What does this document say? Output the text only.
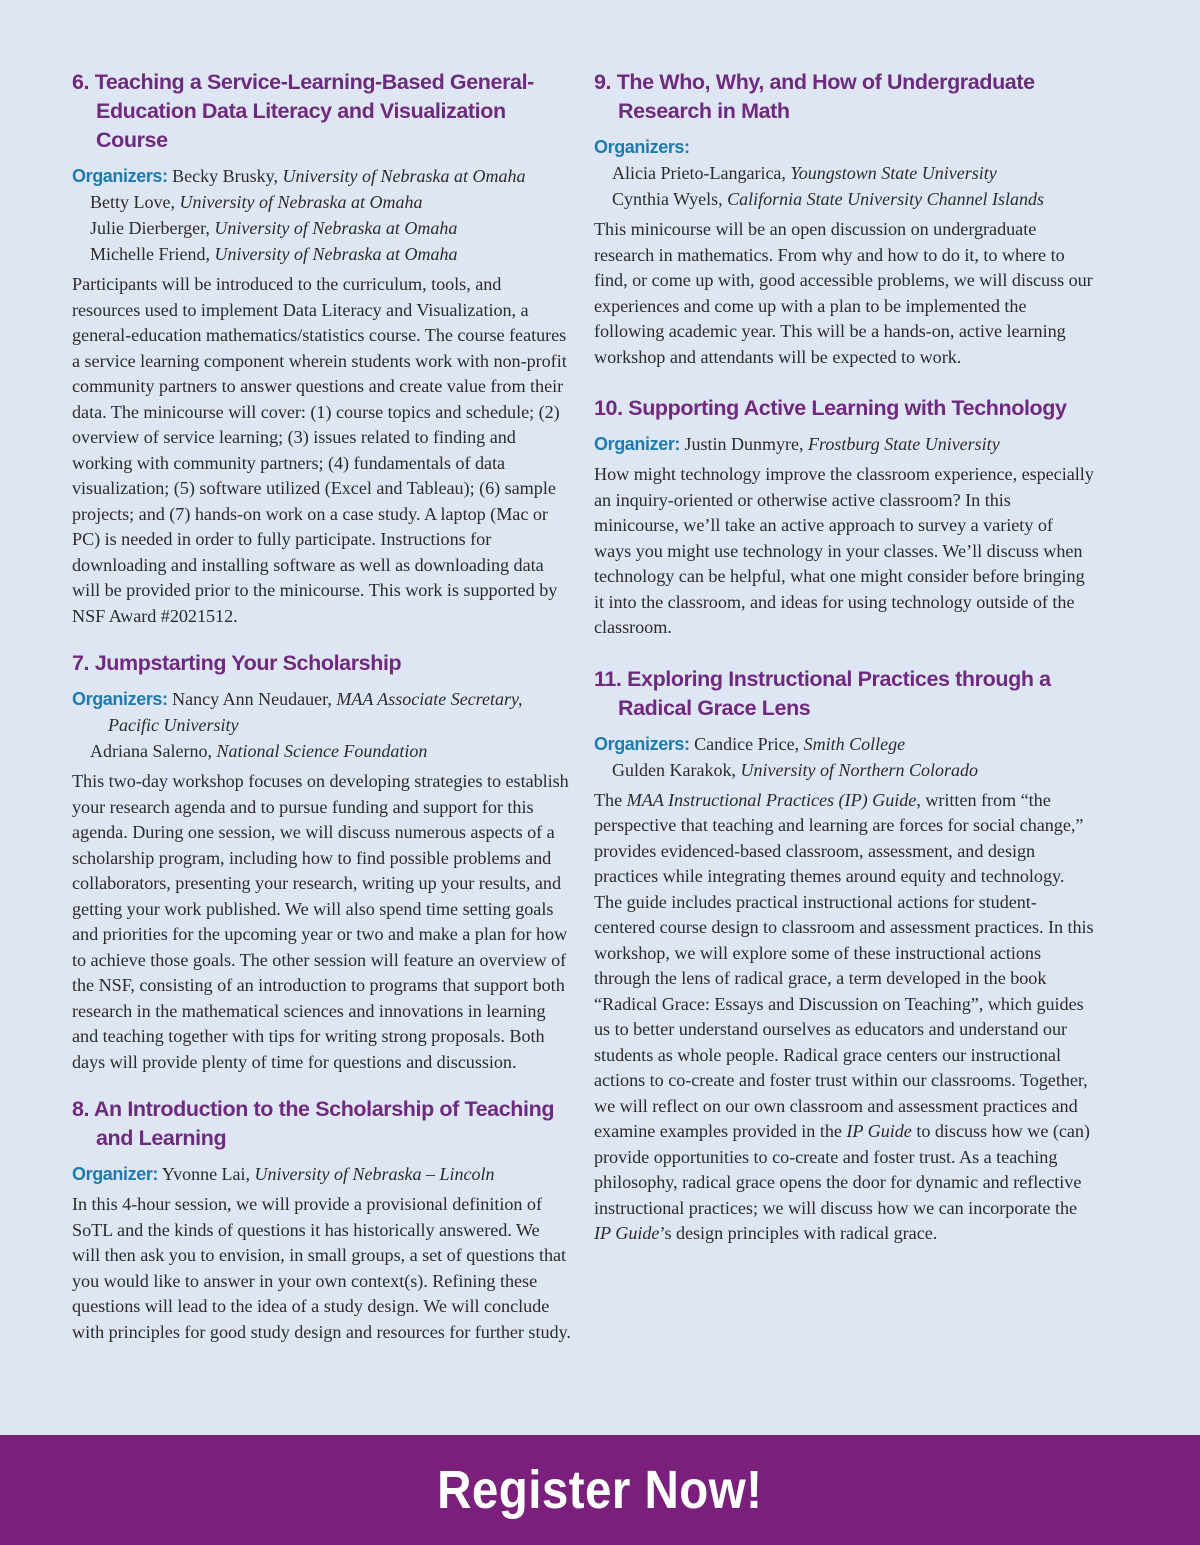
6. Teaching a Service-Learning-Based General-Education Data Literacy and Visualization Course
Organizers: Becky Brusky, University of Nebraska at Omaha
Betty Love, University of Nebraska at Omaha
Julie Dierberger, University of Nebraska at Omaha
Michelle Friend, University of Nebraska at Omaha

Participants will be introduced to the curriculum, tools, and resources used to implement Data Literacy and Visualization, a general-education mathematics/statistics course. The course features a service learning component wherein students work with non-profit community partners to answer questions and create value from their data. The minicourse will cover: (1) course topics and schedule; (2) overview of service learning; (3) issues related to finding and working with community partners; (4) fundamentals of data visualization; (5) software utilized (Excel and Tableau); (6) sample projects; and (7) hands-on work on a case study. A laptop (Mac or PC) is needed in order to fully participate. Instructions for downloading and installing software as well as downloading data will be provided prior to the minicourse. This work is supported by NSF Award #2021512.

7. Jumpstarting Your Scholarship
Organizers: Nancy Ann Neudauer, MAA Associate Secretary,
Pacific University
Adriana Salerno, National Science Foundation

This two-day workshop focuses on developing strategies to establish your research agenda and to pursue funding and support for this agenda. During one session, we will discuss numerous aspects of a scholarship program, including how to find possible problems and collaborators, presenting your research, writing up your results, and getting your work published. We will also spend time setting goals and priorities for the upcoming year or two and make a plan for how to achieve those goals. The other session will feature an overview of the NSF, consisting of an introduction to programs that support both research in the mathematical sciences and innovations in learning and teaching together with tips for writing strong proposals. Both days will provide plenty of time for questions and discussion.

8. An Introduction to the Scholarship of Teaching and Learning
Organizer: Yvonne Lai, University of Nebraska – Lincoln

In this 4-hour session, we will provide a provisional definition of SoTL and the kinds of questions it has historically answered. We will then ask you to envision, in small groups, a set of questions that you would like to answer in your own context(s). Refining these questions will lead to the idea of a study design. We will conclude with principles for good study design and resources for further study.

9. The Who, Why, and How of Undergraduate Research in Math
Organizers:
Alicia Prieto-Langarica, Youngstown State University
Cynthia Wyels, California State University Channel Islands

This minicourse will be an open discussion on undergraduate research in mathematics. From why and how to do it, to where to find, or come up with, good accessible problems, we will discuss our experiences and come up with a plan to be implemented the following academic year. This will be a hands-on, active learning workshop and attendants will be expected to work.

10. Supporting Active Learning with Technology
Organizer: Justin Dunmyre, Frostburg State University

How might technology improve the classroom experience, especially an inquiry-oriented or otherwise active classroom? In this minicourse, we’ll take an active approach to survey a variety of ways you might use technology in your classes. We’ll discuss when technology can be helpful, what one might consider before bringing it into the classroom, and ideas for using technology outside of the classroom.

11. Exploring Instructional Practices through a Radical Grace Lens
Organizers: Candice Price, Smith College
Gulden Karakok, University of Northern Colorado

The MAA Instructional Practices (IP) Guide, written from “the perspective that teaching and learning are forces for social change,” provides evidenced-based classroom, assessment, and design practices while integrating themes around equity and technology. The guide includes practical instructional actions for student-centered course design to classroom and assessment practices. In this workshop, we will explore some of these instructional actions through the lens of radical grace, a term developed in the book “Radical Grace: Essays and Discussion on Teaching”, which guides us to better understand ourselves as educators and understand our students as whole people. Radical grace centers our instructional actions to co-create and foster trust within our classrooms. Together, we will reflect on our own classroom and assessment practices and examine examples provided in the IP Guide to discuss how we (can) provide opportunities to co-create and foster trust. As a teaching philosophy, radical grace opens the door for dynamic and reflective instructional practices; we will discuss how we can incorporate the IP Guide’s design principles with radical grace.

Register Now!
